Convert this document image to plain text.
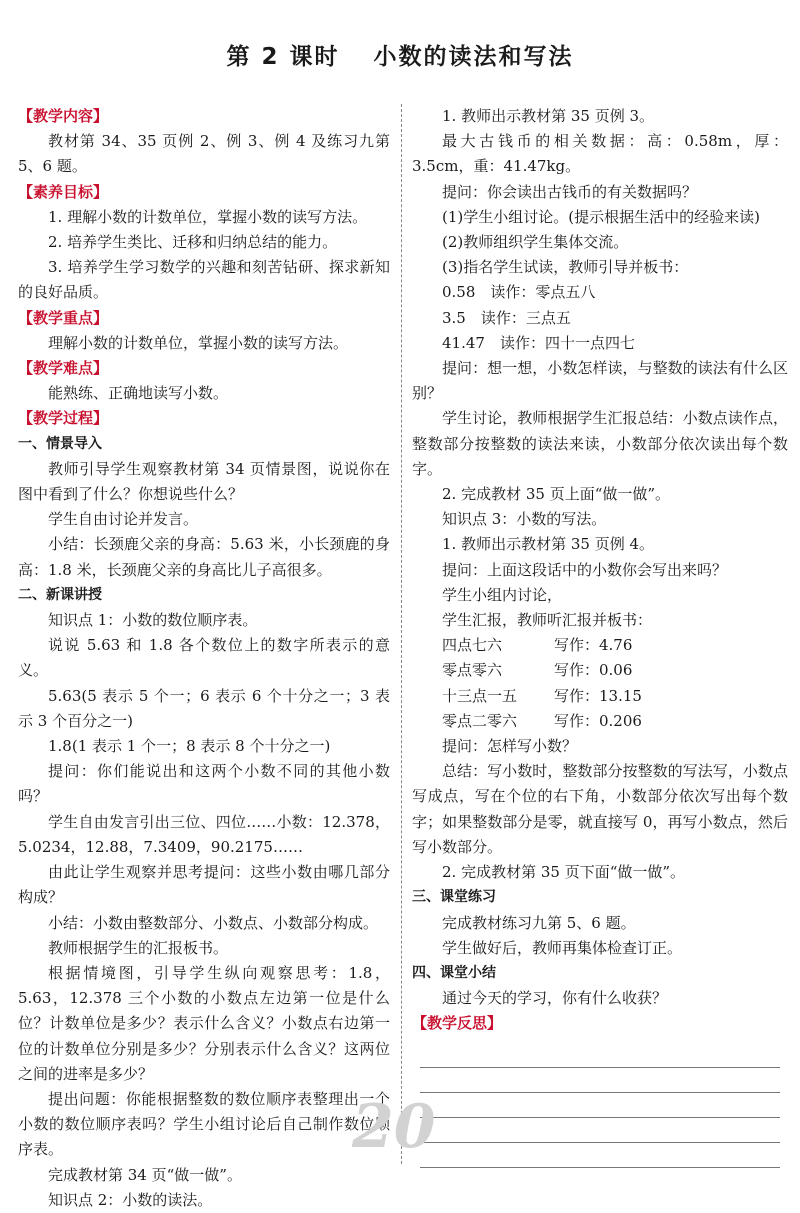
第 2 课时 小数的读法和写法
【教学内容】

教材第 34、35 页例 2、例 3、例 4 及练习九第 5、6 题。

【素养目标】

1. 理解小数的计数单位，掌握小数的读写方法。

2. 培养学生类比、迁移和归纳总结的能力。

3. 培养学生学习数学的兴趣和刻苦钻研、探求新知的良好品质。

【教学重点】

理解小数的计数单位，掌握小数的读写方法。

【教学难点】

能熟练、正确地读写小数。

【教学过程】
一、情景导入

教师引导学生观察教材第 34 页情景图，说说你在图中看到了什么？你想说些什么？

学生自由讨论并发言。

小结：长颈鹿父亲的身高：5.63 米，小长颈鹿的身高：1.8 米，长颈鹿父亲的身高比儿子高很多。

二、新课讲授

知识点 1：小数的数位顺序表。

说说 5.63 和 1.8 各个数位上的数字所表示的意义。

5.63(5 表示 5 个一；6 表示 6 个十分之一；3 表示 3 个百分之一)

1.8(1 表示 1 个一；8 表示 8 个十分之一)

提问：你们能说出和这两个小数不同的其他小数吗？

学生自由发言引出三位、四位……小数：12.378，5.0234，12.88，7.3409，90.2175……

由此让学生观察并思考提问：这些小数由哪几部分构成？

小结：小数由整数部分、小数点、小数部分构成。

教师根据学生的汇报板书。

根据情境图，引导学生纵向观察思考：1.8，5.63，12.378 三个小数的小数点左边第一位是什么位？计数单位是多少？表示什么含义？小数点右边第一位的计数单位分别是多少？分别表示什么含义？这两位之间的进率是多少？

提出问题：你能根据整数的数位顺序表整理出一个小数的数位顺序表吗？学生小组讨论后自己制作数位顺序表。

完成教材第 34 页“做一做”。

知识点 2：小数的读法。

1. 教师出示教材第 35 页例 3。

最大古钱币的相关数据：高：0.58m，厚：3.5cm，重：41.47kg。

提问：你会读出古钱币的有关数据吗？

(1)学生小组讨论。(提示根据生活中的经验来读)

(2)教师组织学生集体交流。

(3)指名学生试读，教师引导并板书：

0.58　读作：零点五八

3.5　读作：三点五

41.47　读作：四十一点四七

提问：想一想，小数怎样读，与整数的读法有什么区别？

学生讨论，教师根据学生汇报总结：小数点读作点，整数部分按整数的读法来读，小数部分依次读出每个数字。

2. 完成教材 35 页上面“做一做”。

知识点 3：小数的写法。

1. 教师出示教材第 35 页例 4。

提问：上面这段话中的小数你会写出来吗？

学生小组内讨论，

学生汇报，教师听汇报并板书：

四点七六	写作：4.76

零点零六	写作：0.06

十三点一五 写作：13.15

零点二零六 写作：0.206

提问：怎样写小数？

总结：写小数时，整数部分按整数的写法写，小数点写成点，写在个位的右下角，小数部分依次写出每个数字；如果整数部分是零，就直接写 0，再写小数点，然后写小数部分。

2. 完成教材第 35 页下面“做一做”。

三、课堂练习

完成教材练习九第 5、6 题。

学生做好后，教师再集体检查订正。

四、课堂小结

通过今天的学习，你有什么收获？

【教学反思】
20
